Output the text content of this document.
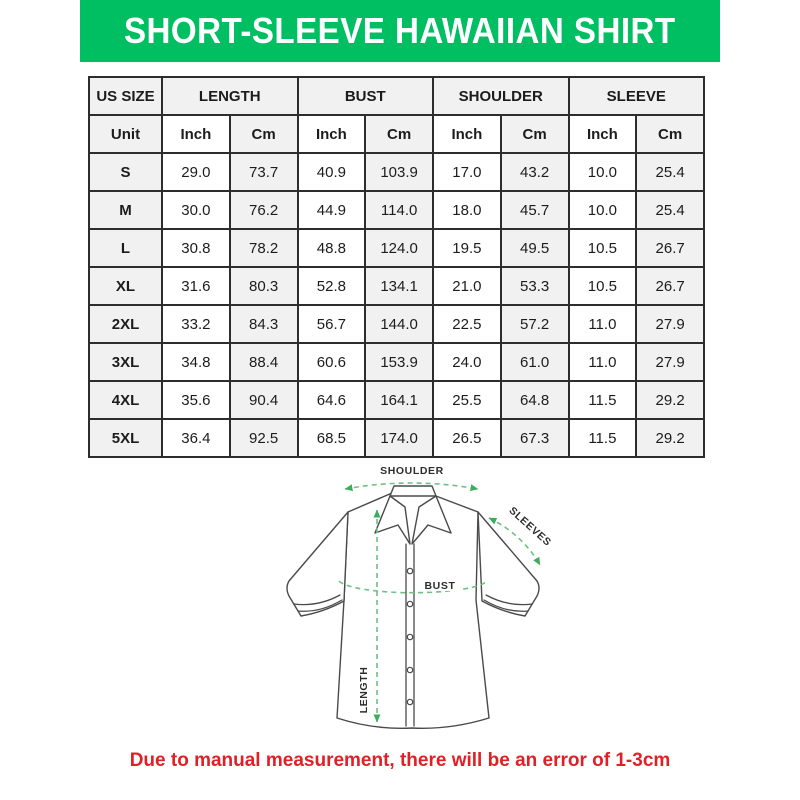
SHORT-SLEEVE HAWAIIAN SHIRT
US SIZE	LENGTH		BUST		SHOULDER		SLEEVE	
Unit	Inch	Cm	Inch	Cm	Inch	Cm	Inch	Cm
S	29.0	73.7	40.9	103.9	17.0	43.2	10.0	25.4
M	30.0	76.2	44.9	114.0	18.0	45.7	10.0	25.4
L	30.8	78.2	48.8	124.0	19.5	49.5	10.5	26.7
XL	31.6	80.3	52.8	134.1	21.0	53.3	10.5	26.7
2XL	33.2	84.3	56.7	144.0	22.5	57.2	11.0	27.9
3XL	34.8	88.4	60.6	153.9	24.0	61.0	11.0	27.9
4XL	35.6	90.4	64.6	164.1	25.5	64.8	11.5	29.2
5XL	36.4	92.5	68.5	174.0	26.5	67.3	11.5	29.2
SHOULDER
SLEEVES
BUST
LENGTH
Due to manual measurement, there will be an error of 1-3cm
